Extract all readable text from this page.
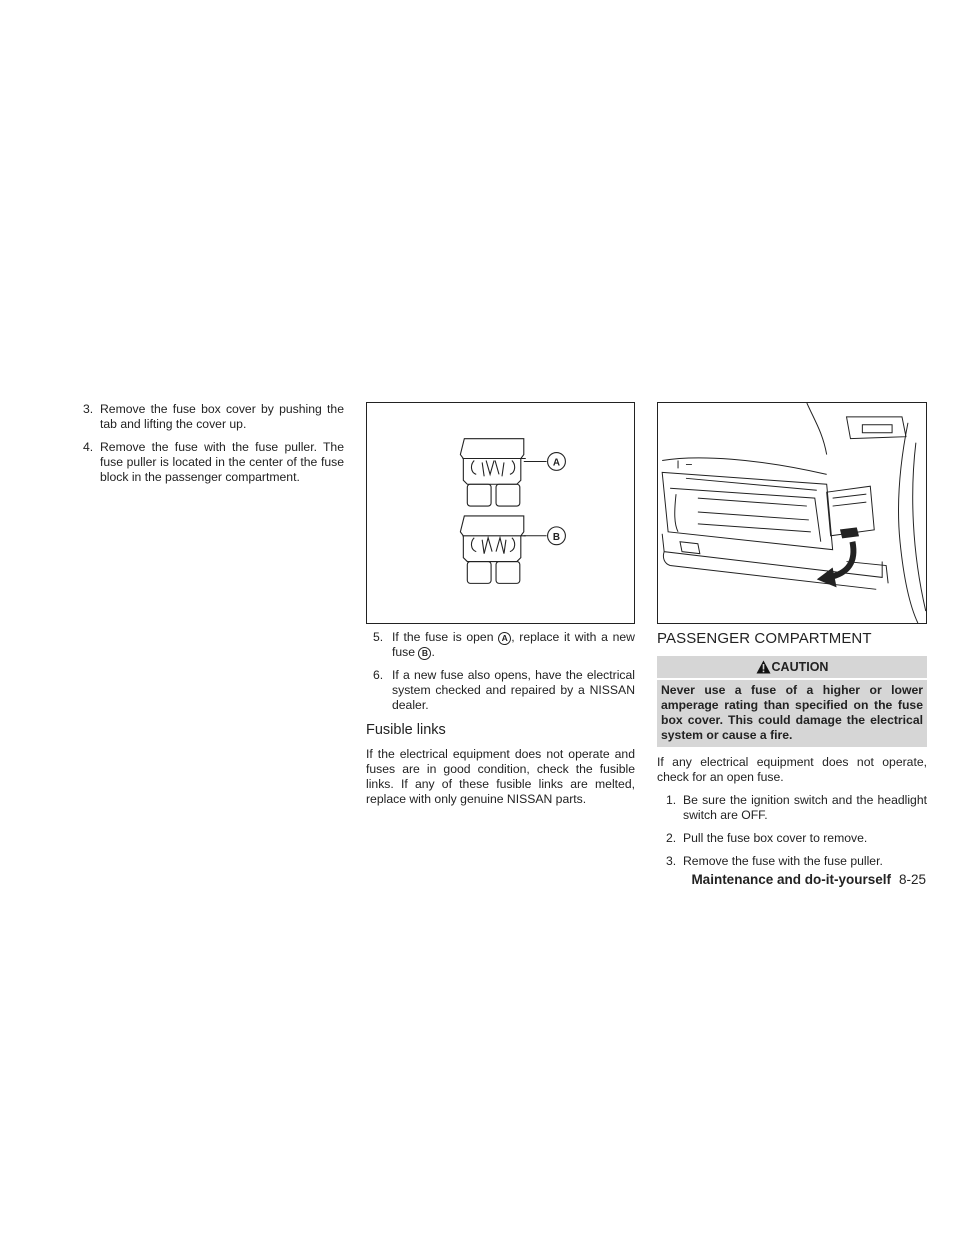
3. Remove the fuse box cover by pushing the tab and lifting the cover up.
4. Remove the fuse with the fuse puller. The fuse puller is located in the center of the fuse block in the passenger compartment.
A
B
5. If the fuse is open A , replace it with a new fuse B .
6. If a new fuse also opens, have the electrical system checked and repaired by a NISSAN dealer.
Fusible links

If the electrical equipment does not operate and fuses are in good condition, check the fusible links. If any of these fusible links are melted, replace with only genuine NISSAN parts.

PASSENGER COMPARTMENT
CAUTION
Never use a fuse of a higher or lower amperage rating than specified on the fuse box cover. This could damage the electrical system or cause a fire.

If any electrical equipment does not operate, check for an open fuse.

1. Be sure the ignition switch and the headlight switch are OFF.
2. Pull the fuse box cover to remove.
3. Remove the fuse with the fuse puller.
Maintenance and do-it-yourself 8-25
